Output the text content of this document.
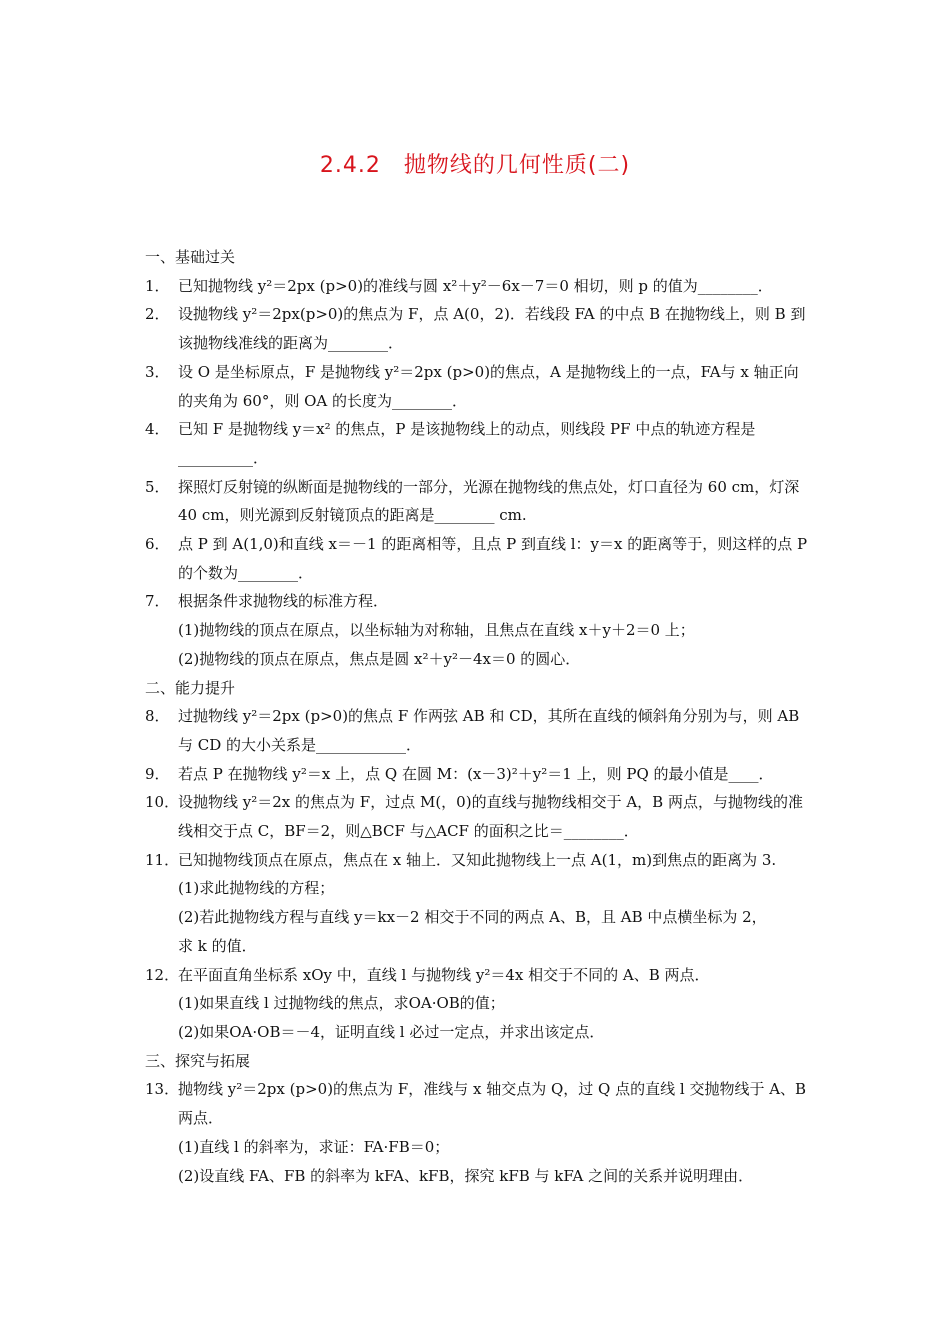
2.4.2　抛物线的几何性质(二)
一、基础过关
1． 已知抛物线 y²＝2px (p>0)的准线与圆 x²＋y²－6x－7＝0 相切，则 p 的值为________．
2． 设抛物线 y²＝2px(p>0)的焦点为 F，点 A(0，2)．若线段 FA 的中点 B 在抛物线上，则 B 到该抛物线准线的距离为________．
3． 设 O 是坐标原点，F 是抛物线 y²＝2px (p>0)的焦点，A 是抛物线上的一点，FA与 x 轴正向的夹角为 60°，则 OA 的长度为________．
4． 已知 F 是抛物线 y＝x² 的焦点，P 是该抛物线上的动点，则线段 PF 中点的轨迹方程是__________．
5． 探照灯反射镜的纵断面是抛物线的一部分，光源在抛物线的焦点处，灯口直径为 60 cm，灯深 40 cm，则光源到反射镜顶点的距离是________ cm.
6． 点 P 到 A(1,0)和直线 x＝－1 的距离相等，且点 P 到直线 l：y＝x 的距离等于，则这样的点 P 的个数为________．
7． 根据条件求抛物线的标准方程．
(1)抛物线的顶点在原点，以坐标轴为对称轴，且焦点在直线 x＋y＋2＝0 上；
(2)抛物线的顶点在原点，焦点是圆 x²＋y²－4x＝0 的圆心．
二、能力提升
8． 过抛物线 y²＝2px (p>0)的焦点 F 作两弦 AB 和 CD，其所在直线的倾斜角分别为与，则 AB 与 CD 的大小关系是____________．
9． 若点 P 在抛物线 y²＝x 上，点 Q 在圆 M：(x－3)²＋y²＝1 上，则 PQ 的最小值是____．
10．
设抛物线 y²＝2x 的焦点为 F，过点 M(，0)的直线与抛物线相交于 A，B 两点，与抛物线的准线相交于点 C，BF＝2，则△BCF 与△ACF 的面积之比＝________．
11．
已知抛物线顶点在原点，焦点在 x 轴上．又知此抛物线上一点 A(1，m)到焦点的距离为 3.
(1)求此抛物线的方程；
(2)若此抛物线方程与直线 y＝kx－2 相交于不同的两点 A、B，且 AB 中点横坐标为 2，
求 k 的值．
12．
在平面直角坐标系 xOy 中，直线 l 与抛物线 y²＝4x 相交于不同的 A、B 两点．
(1)如果直线 l 过抛物线的焦点，求OA·OB的值；
(2)如果OA·OB＝－4，证明直线 l 必过一定点，并求出该定点．
三、探究与拓展
13．
抛物线 y²＝2px (p>0)的焦点为 F，准线与 x 轴交点为 Q，过 Q 点的直线 l 交抛物线于 A、B 两点．
(1)直线 l 的斜率为，求证：FA·FB＝0；
(2)设直线 FA、FB 的斜率为 kFA、kFB，探究 kFB 与 kFA 之间的关系并说明理由．
